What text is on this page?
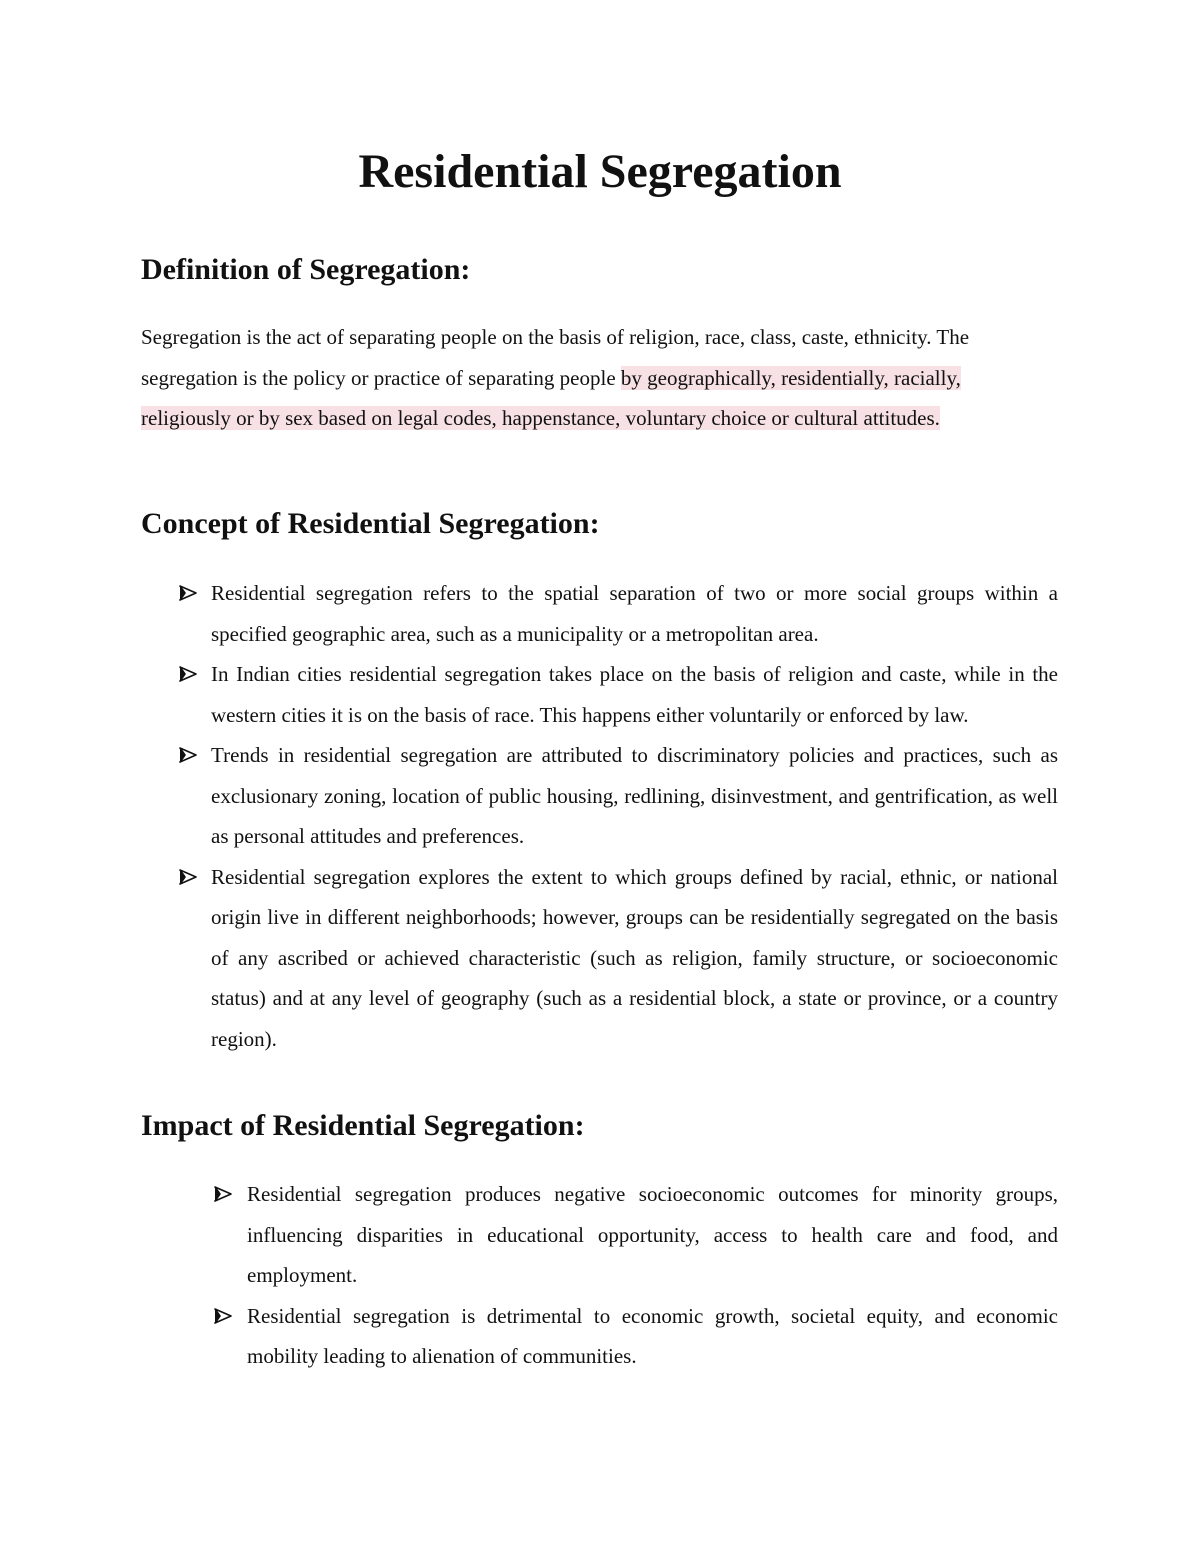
Residential Segregation
Definition of Segregation:

Segregation is the act of separating people on the basis of religion, race, class, caste, ethnicity. The segregation is the policy or practice of separating people by geographically, residentially, racially, religiously or by sex based on legal codes, happenstance, voluntary choice or cultural attitudes.

Concept of Residential Segregation:
Residential segregation refers to the spatial separation of two or more social groups within a specified geographic area, such as a municipality or a metropolitan area.
In Indian cities residential segregation takes place on the basis of religion and caste, while in the western cities it is on the basis of race. This happens either voluntarily or enforced by law.
Trends in residential segregation are attributed to discriminatory policies and practices, such as exclusionary zoning, location of public housing, redlining, disinvestment, and gentrification, as well as personal attitudes and preferences.
Residential segregation explores the extent to which groups defined by racial, ethnic, or national origin live in different neighborhoods; however, groups can be residentially segregated on the basis of any ascribed or achieved characteristic (such as religion, family structure, or socioeconomic status) and at any level of geography (such as a residential block, a state or province, or a country region).
Impact of Residential Segregation:
Residential segregation produces negative socioeconomic outcomes for minority groups, influencing disparities in educational opportunity, access to health care and food, and employment.
Residential segregation is detrimental to economic growth, societal equity, and economic mobility leading to alienation of communities.
